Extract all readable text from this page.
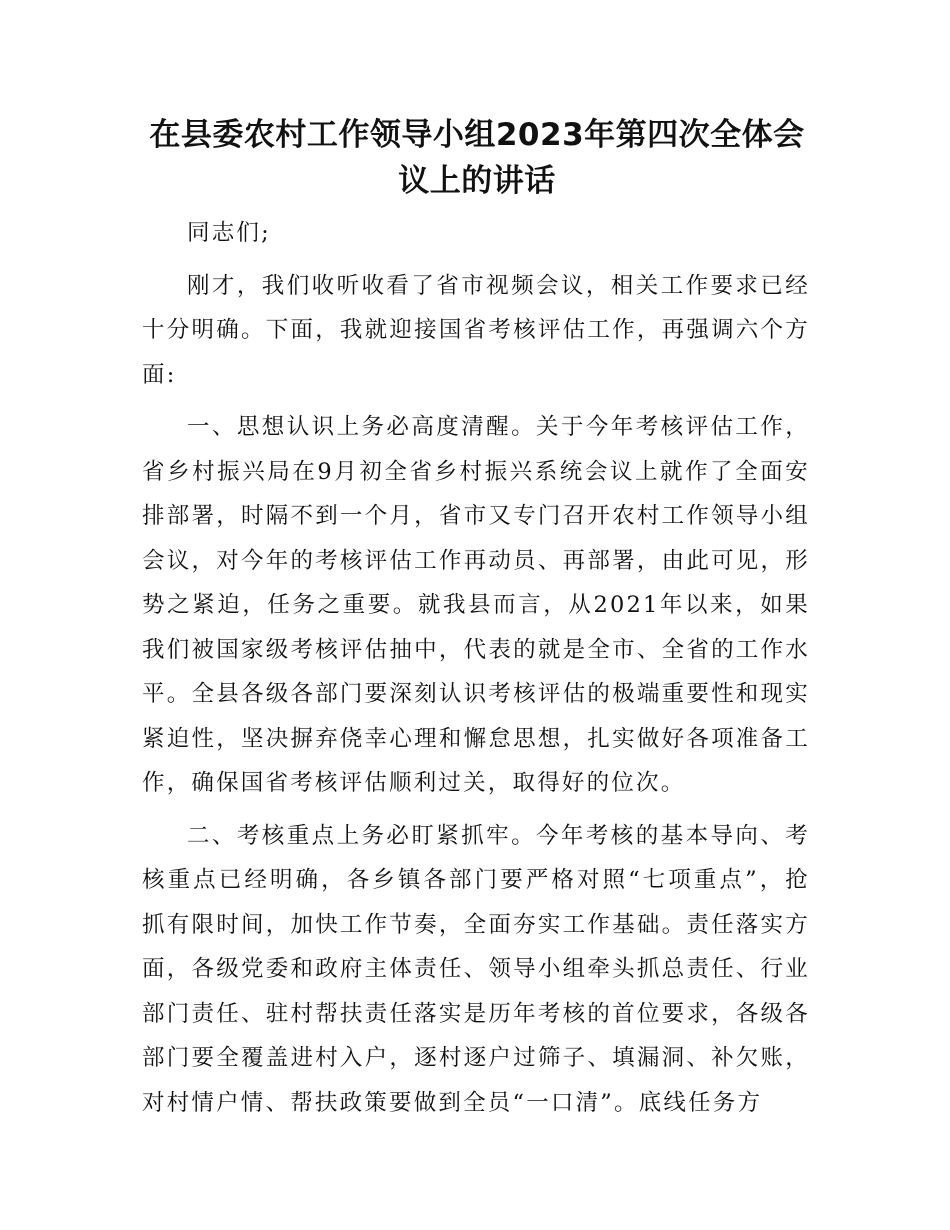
在县委农村工作领导小组2023年第四次全体会议上的讲话

同志们;

刚才，我们收听收看了省市视频会议，相关工作要求已经十分明确。下面，我就迎接国省考核评估工作，再强调六个方面:

一、思想认识上务必高度清醒。关于今年考核评估工作，省乡村振兴局在9月初全省乡村振兴系统会议上就作了全面安排部署，时隔不到一个月，省市又专门召开农村工作领导小组会议，对今年的考核评估工作再动员、再部署，由此可见，形势之紧迫，任务之重要。就我县而言，从2021年以来，如果我们被国家级考核评估抽中，代表的就是全市、全省的工作水平。全县各级各部门要深刻认识考核评估的极端重要性和现实紧迫性，坚决摒弃侥幸心理和懈怠思想，扎实做好各项准备工作，确保国省考核评估顺利过关，取得好的位次。

二、考核重点上务必盯紧抓牢。今年考核的基本导向、考核重点已经明确，各乡镇各部门要严格对照“七项重点”，抢抓有限时间，加快工作节奏，全面夯实工作基础。责任落实方面，各级党委和政府主体责任、领导小组牵头抓总责任、行业部门责任、驻村帮扶责任落实是历年考核的首位要求，各级各部门要全覆盖进村入户，逐村逐户过筛子、填漏洞、补欠账，对村情户情、帮扶政策要做到全员“一口清”。底线任务方
